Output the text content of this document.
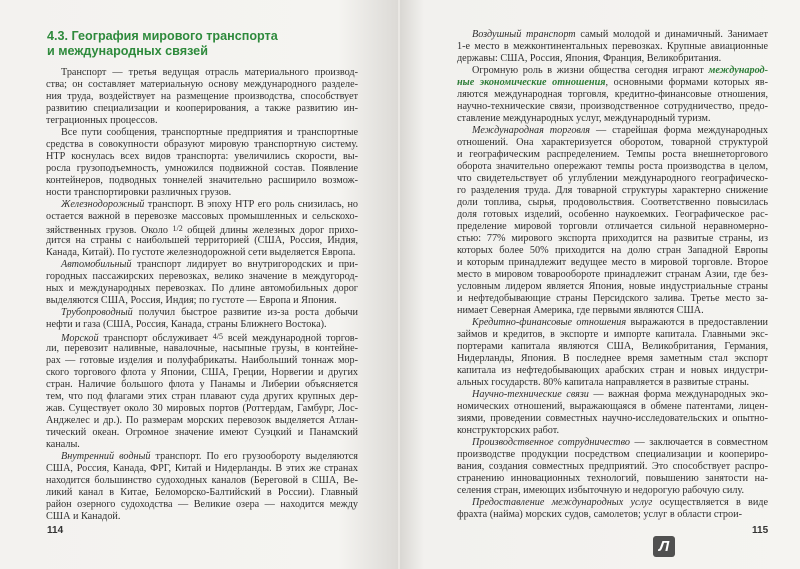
4.3. География мирового транспорта
и международных связей
Транспорт — третья ведущая отрасль материального производ-
ства; он составляет материальную основу международного разделе-
ния труда, воздействует на размещение производства, способствует
развитию специализации и кооперирования, а также развитию ин-
теграционных процессов.
Все пути сообщения, транспортные предприятия и транспортные
средства в совокупности образуют мировую транспортную систему.
НТР коснулась всех видов транспорта: увеличились скорости, вы-
росла грузоподъемность, умножился подвижной состав. Появление
контейнеров, подводных тоннелей значительно расширило возмож-
ности транспортировки различных грузов.
Железнодорожный транспорт. В эпоху НТР его роль снизилась, но
остается важной в перевозке массовых промышленных и сельскохо-
зяйственных грузов. Около 1/2 общей длины железных дорог прихо-
дится на страны с наибольшей территорией (США, Россия, Индия,
Канада, Китай). По густоте железнодорожной сети выделяется Европа.
Автомобильный транспорт лидирует во внутригородских и при-
городных пассажирских перевозках, велико значение в междугород-
ных и международных перевозках. По длине автомобильных дорог
выделяются США, Россия, Индия; по густоте — Европа и Япония.
Трубопроводный получил быстрое развитие из-за роста добычи
нефти и газа (США, Россия, Канада, страны Ближнего Востока).
Морской транспорт обслуживает 4/5 всей международной торгов-
ли, перевозит наливные, навалочные, насыпные грузы, в контейне-
рах — готовые изделия и полуфабрикаты. Наибольший тоннаж мор-
ского торгового флота у Японии, США, Греции, Норвегии и других
стран. Наличие большого флота у Панамы и Либерии объясняется
тем, что под флагами этих стран плавают суда других крупных дер-
жав. Существует около 30 мировых портов (Роттердам, Гамбург, Лос-
Анджелес и др.). По размерам морских перевозок выделяется Атлан-
тический океан. Огромное значение имеют Суэцкий и Панамский
каналы.
Внутренний водный транспорт. По его грузообороту выделяются
США, Россия, Канада, ФРГ, Китай и Нидерланды. В этих же странах
находится большинство судоходных каналов (Береговой в США, Ве-
ликий канал в Китае, Беломорско-Балтийский в России). Главный
район озерного судоходства — Великие озера — находится между
США и Канадой.
114
Воздушный транспорт самый молодой и динамичный. Занимает
1-е место в межконтинентальных перевозках. Крупные авиационные
державы: США, Россия, Япония, Франция, Великобритания.
Огромную роль в жизни общества сегодня играют международ-
ные экономические отношения, основными формами которых яв-
ляются международная торговля, кредитно-финансовые отношения,
научно-технические связи, производственное сотрудничество, предо-
ставление международных услуг, международный туризм.
Международная торговля — старейшая форма международных
отношений. Она характеризуется оборотом, товарной структурой
и географическим распределением. Темпы роста внешнеторгового
оборота значительно опережают темпы роста производства в целом,
что свидетельствует об углублении международного географическо-
го разделения труда. Для товарной структуры характерно снижение
доли топлива, сырья, продовольствия. Соответственно повысилась
доля готовых изделий, особенно наукоемких. Географическое рас-
пределение мировой торговли отличается сильной неравномерно-
стью: 77% мирового экспорта приходится на развитые страны, из
которых более 50% приходится на долю стран Западной Европы
и которым принадлежит ведущее место в мировой торговле. Второе
место в мировом товарообороте принадлежит странам Азии, где без-
условным лидером является Япония, новые индустриальные страны
и нефтедобывающие страны Персидского залива. Третье место за-
нимает Северная Америка, где первыми являются США.
Кредитно-финансовые отношения выражаются в предоставлении
займов и кредитов, в экспорте и импорте капитала. Главными экс-
портерами капитала являются США, Великобритания, Германия,
Нидерланды, Япония. В последнее время заметным стал экспорт
капитала из нефтедобывающих арабских стран и новых индустри-
альных государств. 80% капитала направляется в развитые страны.
Научно-технические связи — важная форма международных эко-
номических отношений, выражающаяся в обмене патентами, лицен-
зиями, проведении совместных научно-исследовательских и опытно-
конструкторских работ.
Производственное сотрудничество — заключается в совместном
производстве продукции посредством специализации и коопериро-
вания, создания совместных предприятий. Это способствует распро-
странению инновационных технологий, повышению занятости на-
селения стран, имеющих избыточную и недорогую рабочую силу.
Предоставление международных услуг осуществляется в виде
фрахта (найма) морских судов, самолетов; услуг в области строи-
115
Л
